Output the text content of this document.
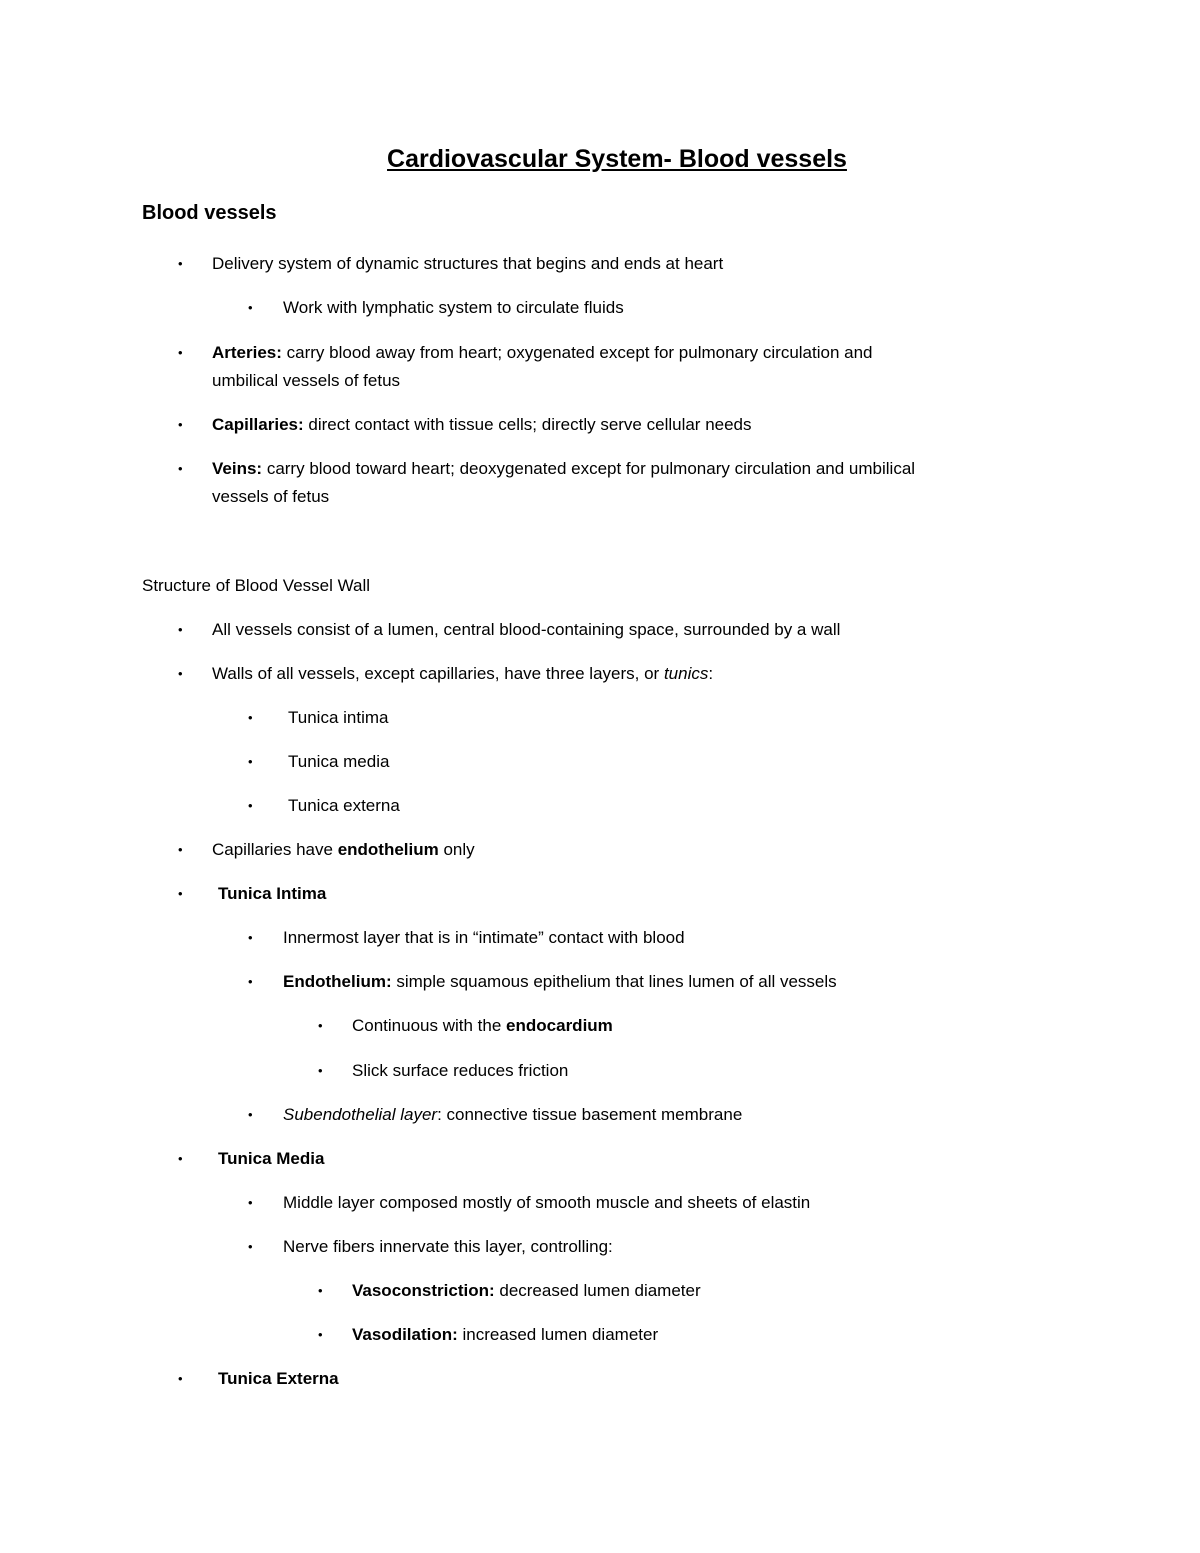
Cardiovascular System- Blood vessels
Blood vessels
Structure of Blood Vessel Wall
• Delivery system of dynamic structures that begins and ends at heart
• Work with lymphatic system to circulate fluids
• Arteries: carry blood away from heart; oxygenated except for pulmonary circulation and
umbilical vessels of fetus
• Capillaries: direct contact with tissue cells; directly serve cellular needs
• Veins: carry blood toward heart; deoxygenated except for pulmonary circulation and umbilical
vessels of fetus
• All vessels consist of a lumen, central blood-containing space, surrounded by a wall
• Walls of all vessels, except capillaries, have three layers, or tunics:
• Tunica intima
• Tunica media
• Tunica externa
• Capillaries have endothelium only
• Tunica Intima
• Innermost layer that is in “intimate” contact with blood
• Endothelium: simple squamous epithelium that lines lumen of all vessels
• Continuous with the endocardium
• Slick surface reduces friction
• Subendothelial layer: connective tissue basement membrane
• Tunica Media
• Middle layer composed mostly of smooth muscle and sheets of elastin
• Nerve fibers innervate this layer, controlling:
• Vasoconstriction: decreased lumen diameter
• Vasodilation: increased lumen diameter
• Tunica Externa
